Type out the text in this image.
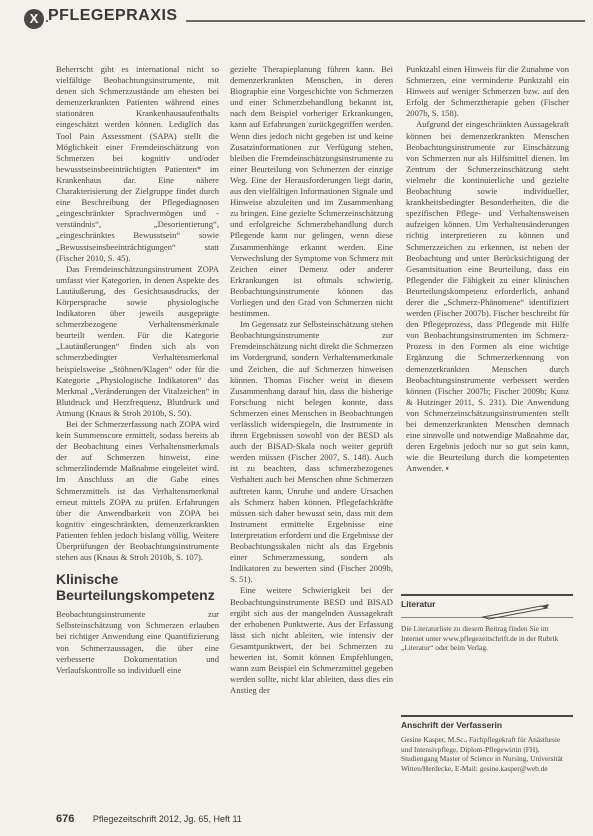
X PFLEGEPRAXIS

Beherrscht gibt es international nicht so vielfältige Beobachtungsinstrumente, mit denen sich Schmerzzustände am ehesten bei demenzerkrankten Patienten während eines stationären Krankenhausaufenthalts eingeschätzt werden können. Lediglich das Tool Pain Assessment (SAPA) stellt die Möglichkeit einer Fremdeinschätzung von Schmerzen bei kognitiv und/oder bewusstseinsbeeinträchtigten Patienten* im Krankenhaus dar. Eine nähere Charakterisierung der Zielgruppe findet durch eine Beschreibung der Pflegediagnosen „eingeschränkter Sprachvermögen und -verständnis“, „Desorientierung“, „eingeschränktes Bewusstsein“ sowie „Bewusstseinsbeeinträchtigungen“ statt (Fischer 2010, S. 45).

Das Fremdeinschätzungsinstrument ZOPA umfasst vier Kategorien, in denen Aspekte des Lautäußerung, des Gesichtsausdrucks, der Körpersprache sowie physiologische Indikatoren über jeweils ausgeprägte schmerzbezogene Verhaltensmerkmale beurteilt werden. Für die Kategorie „Lautäußerungen“ finden sich als von schmerzbedingter Verhaltensmerkmal beispielsweise „Stöhnen/Klagen“ oder für die Kategorie „Physiologische Indikatoren“ das Merkmal „Veränderungen der Vitalzeichen“ in Blutdruck und Herzfrequenz, Blutdruck und Atmung (Knaus & Stroh 2010b, S. 50).

Bei der Schmerzerfassung nach ZOPA wird kein Summenscore ermittelt, sodass bereits ab der Beobachtung eines Verhaltensmerkmals der auf Schmerzen hinweist, eine schmerzlindernde Maßnahme eingeleitet wird. Im Anschluss an die Gabe eines Schmerzmittels ist das Verhaltensmerkmal erneut mittels ZOPA zu prüfen. Erfahrungen über die Anwendbarkeit von ZOPA bei kognitiv eingeschränkten, demenzerkrankten Patienten fehlen jedoch bislang völlig. Weitere Überprüfungen der Beobachtungsinstrumente stehen aus (Knaus & Stroh 2010b, S. 107).

Klinische Beurteilungskompetenz

Beobachtungsinstrumente zur Selbsteinschätzung von Schmerzen erlauben bei richtiger Anwendung eine Quantifizierung von Schmerzaussagen, die über eine verbesserte Dokumentation und Verlaufskontrolle so individuell eine

gezielte Therapieplanung führen kann. Bei demenzerkrankten Menschen, in deren Biographie eine Vorgeschichte von Schmerzen und einer Schmerzbehandlung bekannt ist, nach dem Beispiel vorheriger Erkrankungen, kann auf Erfahrungen zurückgegriffen werden. Wenn dies jedoch nicht gegeben ist und keine Zusatzinformationen zur Verfügung stehen, bleiben die Fremdeinschätzungsinstrumente zu einer Beurteilung von Schmerzen der einzige Weg. Eine der Herausforderungen liegt darin, aus den vielfältigen Informationen Signale und Hinweise abzuleiten und im Zusammenhang zu bringen. Eine gezielte Schmerzeinschätzung und erfolgreiche Schmerzbehandlung durch Pflegende kann nur gelingen, wenn diese Zusammenhänge erkannt werden. Eine Verwechslung der Symptome von Schmerz mit Zeichen einer Demenz oder anderer Erkrankungen ist oftmals schwierig. Beobachtungsinstrumente können das Vorliegen und den Grad von Schmerzen nicht bestimmen.

Im Gegensatz zur Selbsteinschätzung stehen Beobachtungsinstrumente zur Fremdeinschätzung nicht direkt die Schmerzen im Vordergrund, sondern Verhaltensmerkmale und Zeichen, die auf Schmerzen hinweisen können. Thomas Fischer weist in diesem Zusammenhang darauf hin, dass die bisherige Forschung nicht belegen konnte, dass Schmerzen eines Menschen in Beobachtungen verlässlich widerspiegeln, die Instrumente in ihren Ergebnissen sowohl von der BESD als auch der BISAD-Skala noch weiter geprüft werden müssen (Fischer 2007, S. 148). Auch ist zu beachten, dass schmerzbezogenes Verhalten auch bei Menschen ohne Schmerzen auftreten kann, Unruhe und andere Ursachen als Schmerz haben können. Pflegefachkräfte müssen sich daher bewusst sein, dass mit dem Instrument ermittelte Ergebnisse eine Interpretation erfordern und die Ergebnisse der Beobachtungsskalen nicht als das Ergebnis einer Schmerzmessung, sondern als Indikatoren zu bewerten sind (Fischer 2009b, S. 51).

Eine weitere Schwierigkeit bei der Beobachtungsinstrumente BESD und BISAD ergibt sich aus der mangelnden Aussagekraft der erhobenen Punktwerte. Aus der Erfassung lässt sich nicht ableiten, wie intensiv der Gesamtpunktwert, der bei Schmerzen zu bewerten ist. Somit können Empfehlungen, wann zum Beispiel ein Schmerzmittel gegeben werden sollte, nicht klar ableiten, dass dies ein Anstieg der

Punktzahl einen Hinweis für die Zunahme von Schmerzen, eine verminderte Punktzahl ein Hinweis auf weniger Schmerzen bzw. auf den Erfolg der Schmerztherapie geben (Fischer 2007b, S. 158).

Aufgrund der eingeschränkten Aussagekraft können bei demenzerkrankten Menschen Beobachtungsinstrumente zur Einschätzung von Schmerzen nur als Hilfsmittel dienen. Im Zentrum der Schmerzeinschätzung steht vielmehr die kontinuierliche und gezielte Beobachtung sowie individueller, krankheitsbedingter Besonderheiten, die die spezifischen Pflege- und Verhaltensweisen aufzeigen können. Um Verhaltensänderungen richtig interpretieren zu können und Schmerzzeichen zu erkennen, ist neben der Beobachtung und unter Berücksichtigung der Gesamtsituation eine Beurteilung, dass ein Pflegender die Fähigkeit zu einer klinischen Beurteilungskompetenz erforderlich, anhand derer die „Schmerz-Phänomene“ identifiziert werden (Fischer 2007b). Fischer beschreibt für den Pflegeprozess, dass Pflegende mit Hilfe von Beobachtungsinstrumenten im Schmerz-Prozess in den Formen als eine wichtige Ergänzung die Schmerzerkennung von demenzerkrankten Menschen durch Beobachtungsinstrumente verbessert werden können (Fischer 2007b; Fischer 2009b; Kunz & Hutzinger 2011, S. 231). Die Anwendung von Schmerzeinschätzungsinstrumenten stellt bei demenzerkrankten Menschen demnach eine sinnvolle und notwendige Maßnahme dar, deren Ergebnis jedoch nur so gut sein kann, wie die Beurteilung durch die kompetenten Anwender. ▪

Literatur
Die Literaturliste zu diesem Beitrag finden Sie im Internet unter www.pflegezeitschrift.de in der Rubrik „Literatur“ oder beim Verlag.
Anschrift der Verfasserin
Gesine Kasper, M.Sc., Fachpflegekraft für Anästhesie und Intensivpflege, Diplom-Pflegewirtin (FH), Studiengang Master of Science in Nursing, Universität Witten/Herdecke, E-Mail: gesine.kasper@web.de
676 Pflegezeitschrift 2012, Jg. 65, Heft 11
